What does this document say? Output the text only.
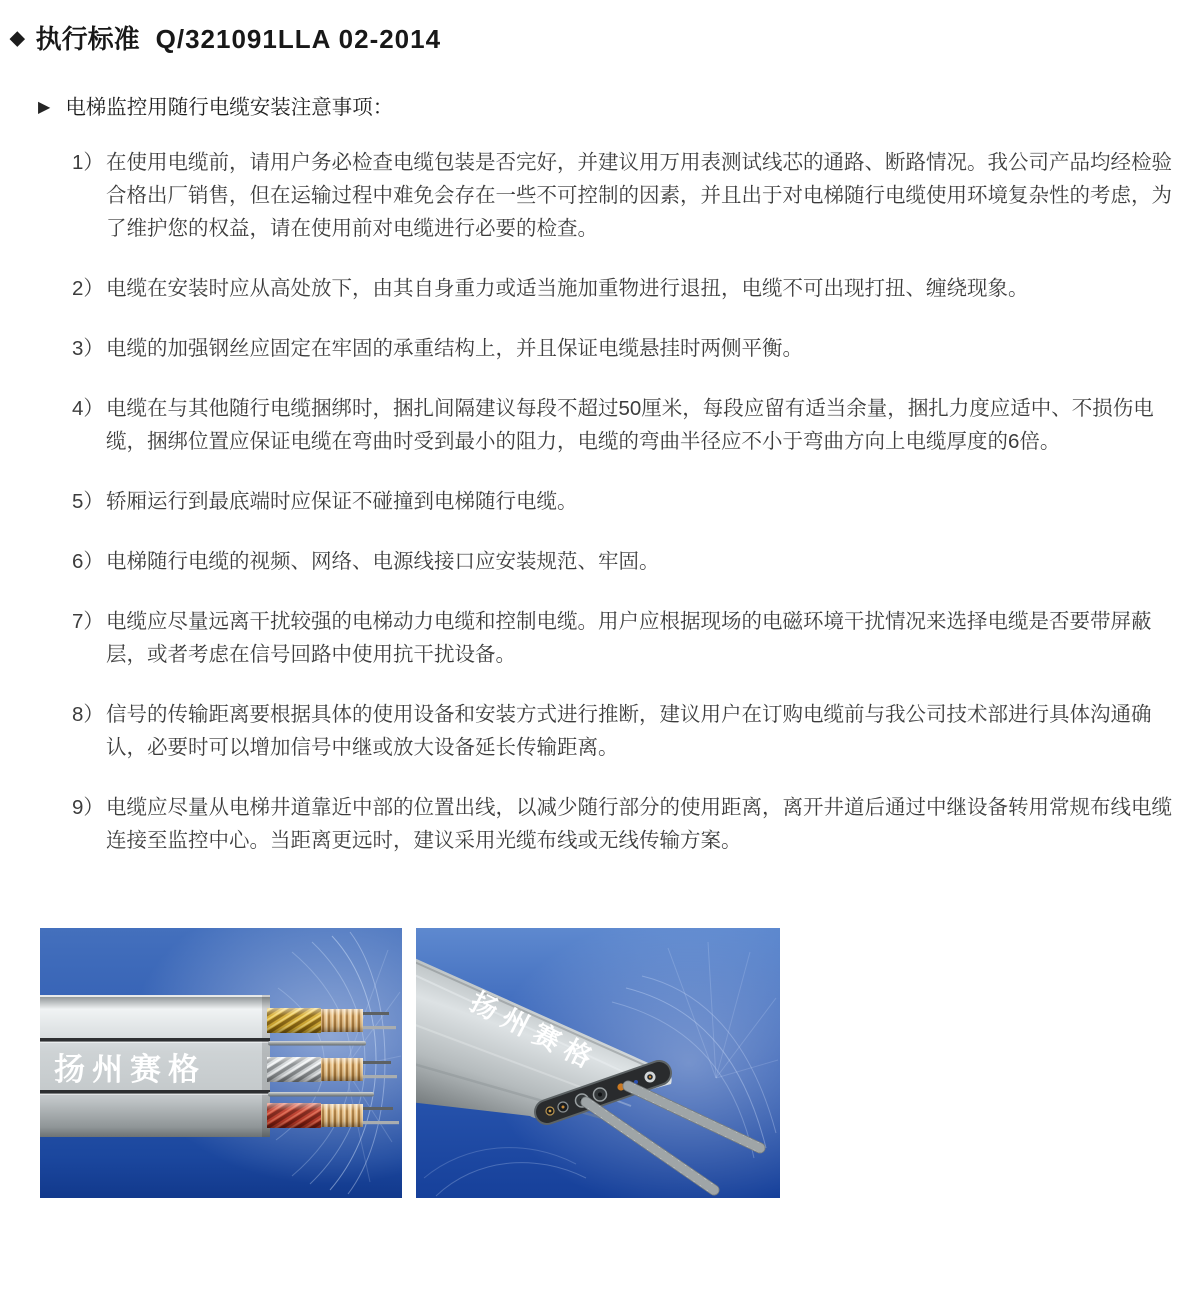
◆ 执行标准 Q/321091LLA 02-2014
▶ 电梯监控用随行电缆安装注意事项：
1） 在使用电缆前，请用户务必检查电缆包装是否完好，并建议用万用表测试线芯的通路、断路情况。我公司产品均经检验合格出厂销售，但在运输过程中难免会存在一些不可控制的因素，并且出于对电梯随行电缆使用环境复杂性的考虑，为了维护您的权益，请在使用前对电缆进行必要的检查。
2） 电缆在安装时应从高处放下，由其自身重力或适当施加重物进行退扭，电缆不可出现打扭、缠绕现象。
3） 电缆的加强钢丝应固定在牢固的承重结构上，并且保证电缆悬挂时两侧平衡。
4） 电缆在与其他随行电缆捆绑时，捆扎间隔建议每段不超过50厘米，每段应留有适当余量，捆扎力度应适中、不损伤电缆，捆绑位置应保证电缆在弯曲时受到最小的阻力，电缆的弯曲半径应不小于弯曲方向上电缆厚度的6倍。
5） 轿厢运行到最底端时应保证不碰撞到电梯随行电缆。
6） 电梯随行电缆的视频、网络、电源线接口应安装规范、牢固。
7） 电缆应尽量远离干扰较强的电梯动力电缆和控制电缆。用户应根据现场的电磁环境干扰情况来选择电缆是否要带屏蔽层，或者考虑在信号回路中使用抗干扰设备。
8） 信号的传输距离要根据具体的使用设备和安装方式进行推断，建议用户在订购电缆前与我公司技术部进行具体沟通确认，必要时可以增加信号中继或放大设备延长传输距离。
9） 电缆应尽量从电梯井道靠近中部的位置出线，以减少随行部分的使用距离，离开井道后通过中继设备转用常规布线电缆连接至监控中心。当距离更远时，建议采用光缆布线或无线传输方案。
扬州赛格	扬州赛格
